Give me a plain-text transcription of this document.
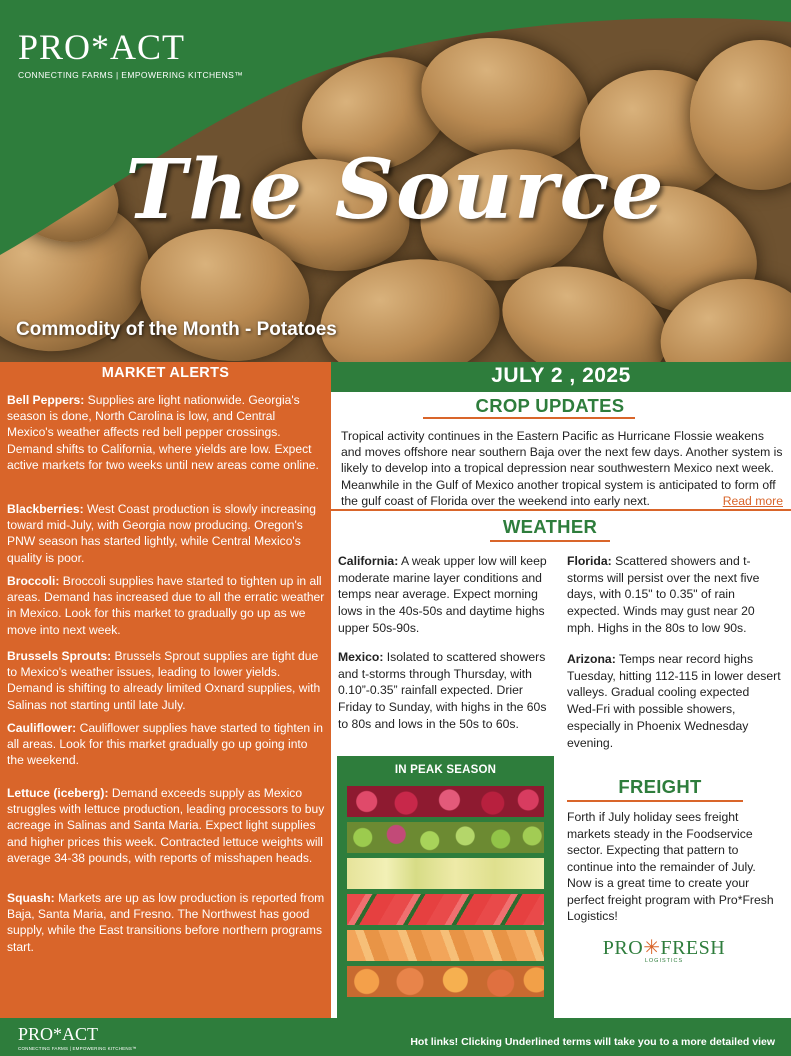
PRO*ACT
CONNECTING FARMS | EMPOWERING KITCHENS™
The Source
Commodity of the Month - Potatoes
MARKET ALERTS
Bell Peppers: Supplies are light nationwide. Georgia's season is done, North Carolina is low, and Central Mexico's weather affects red bell pepper crossings. Demand shifts to California, where yields are low. Expect active markets for two weeks until new areas come online.
Blackberries: West Coast production is slowly increasing toward mid-July, with Georgia now producing. Oregon's PNW season has started lightly, while Central Mexico's quality is poor.
Broccoli: Broccoli supplies have started to tighten up in all areas. Demand has increased due to all the erratic weather in Mexico. Look for this market to gradually go up as we move into next week.
Brussels Sprouts: Brussels Sprout supplies are tight due to Mexico's weather issues, leading to lower yields. Demand is shifting to already limited Oxnard supplies, with Salinas not starting until late July.
Cauliflower: Cauliflower supplies have started to tighten in all areas. Look for this market gradually go up going into the weekend.
Lettuce (iceberg): Demand exceeds supply as Mexico struggles with lettuce production, leading processors to buy acreage in Salinas and Santa Maria. Expect light supplies and higher prices this week. Contracted lettuce weights will average 34-38 pounds, with reports of misshapen heads.
Squash: Markets are up as low production is reported from Baja, Santa Maria, and Fresno. The Northwest has good supply, while the East transitions before northern programs start.
JULY 2 , 2025
CROP UPDATES
Tropical activity continues in the Eastern Pacific as Hurricane Flossie weakens and moves offshore near southern Baja over the next few days. Another system is likely to develop into a tropical depression near southwestern Mexico next week. Meanwhile in the Gulf of Mexico another tropical system is anticipated to form off the gulf coast of Florida over the weekend into early next.	Read more
WEATHER
California: A weak upper low will keep moderate marine layer conditions and temps near average. Expect morning lows in the 40s-50s and daytime highs upper 50s-90s.
Mexico: Isolated to scattered showers and t-storms through Thursday, with 0.10”-0.35” rainfall expected. Drier Friday to Sunday, with highs in the 60s to 80s and lows in the 50s to 60s.
Florida: Scattered showers and t-storms will persist over the next five days, with 0.15" to 0.35" of rain expected. Winds may gust near 20 mph. Highs in the 80s to low 90s.
Arizona: Temps near record highs Tuesday, hitting 112-115 in lower desert valleys. Gradual cooling expected Wed-Fri with possible showers, especially in Phoenix Wednesday evening.
IN PEAK SEASON
FREIGHT
Forth if July holiday sees freight markets steady in the Foodservice sector. Expecting that pattern to continue into the remainder of July. Now is a great time to create your perfect freight program with Pro*Fresh Logistics!
PRO✳FRESH
LOGISTICS
PRO*ACT
CONNECTING FARMS | EMPOWERING KITCHENS™
Hot links! Clicking Underlined terms will take you to a more detailed view
